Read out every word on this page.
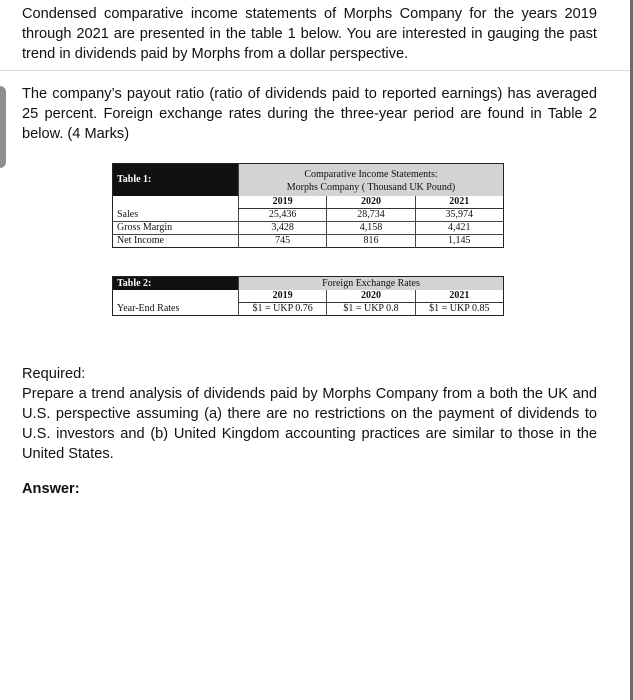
Condensed comparative income statements of Morphs Company for the years 2019 through 2021 are presented in the table 1 below. You are interested in gauging the past trend in dividends paid by Morphs from a dollar perspective.

The company’s payout ratio (ratio of dividends paid to reported earnings) has averaged 25 percent. Foreign exchange rates during the three-year period are found in Table 2 below. (4 Marks)

Table 1:	Comparative Income Statements:
Morphs Company ( Thousand UK Pound)		

	2019	2020	2021
Sales	25,436	28,734	35,974
Gross Margin	3,428	4,158	4,421
Net Income	745	816	1,145
Table 2:	Foreign Exchange Rates		
	2019	2020	2021
Year-End Rates	$1 = UKP 0.76	$1 = UKP 0.8	$1 = UKP 0.85
Required:
Prepare a trend analysis of dividends paid by Morphs Company from a both the UK and U.S. perspective assuming (a) there are no restrictions on the payment of dividends to U.S. investors and (b) United Kingdom accounting practices are similar to those in the United States.
Answer:
